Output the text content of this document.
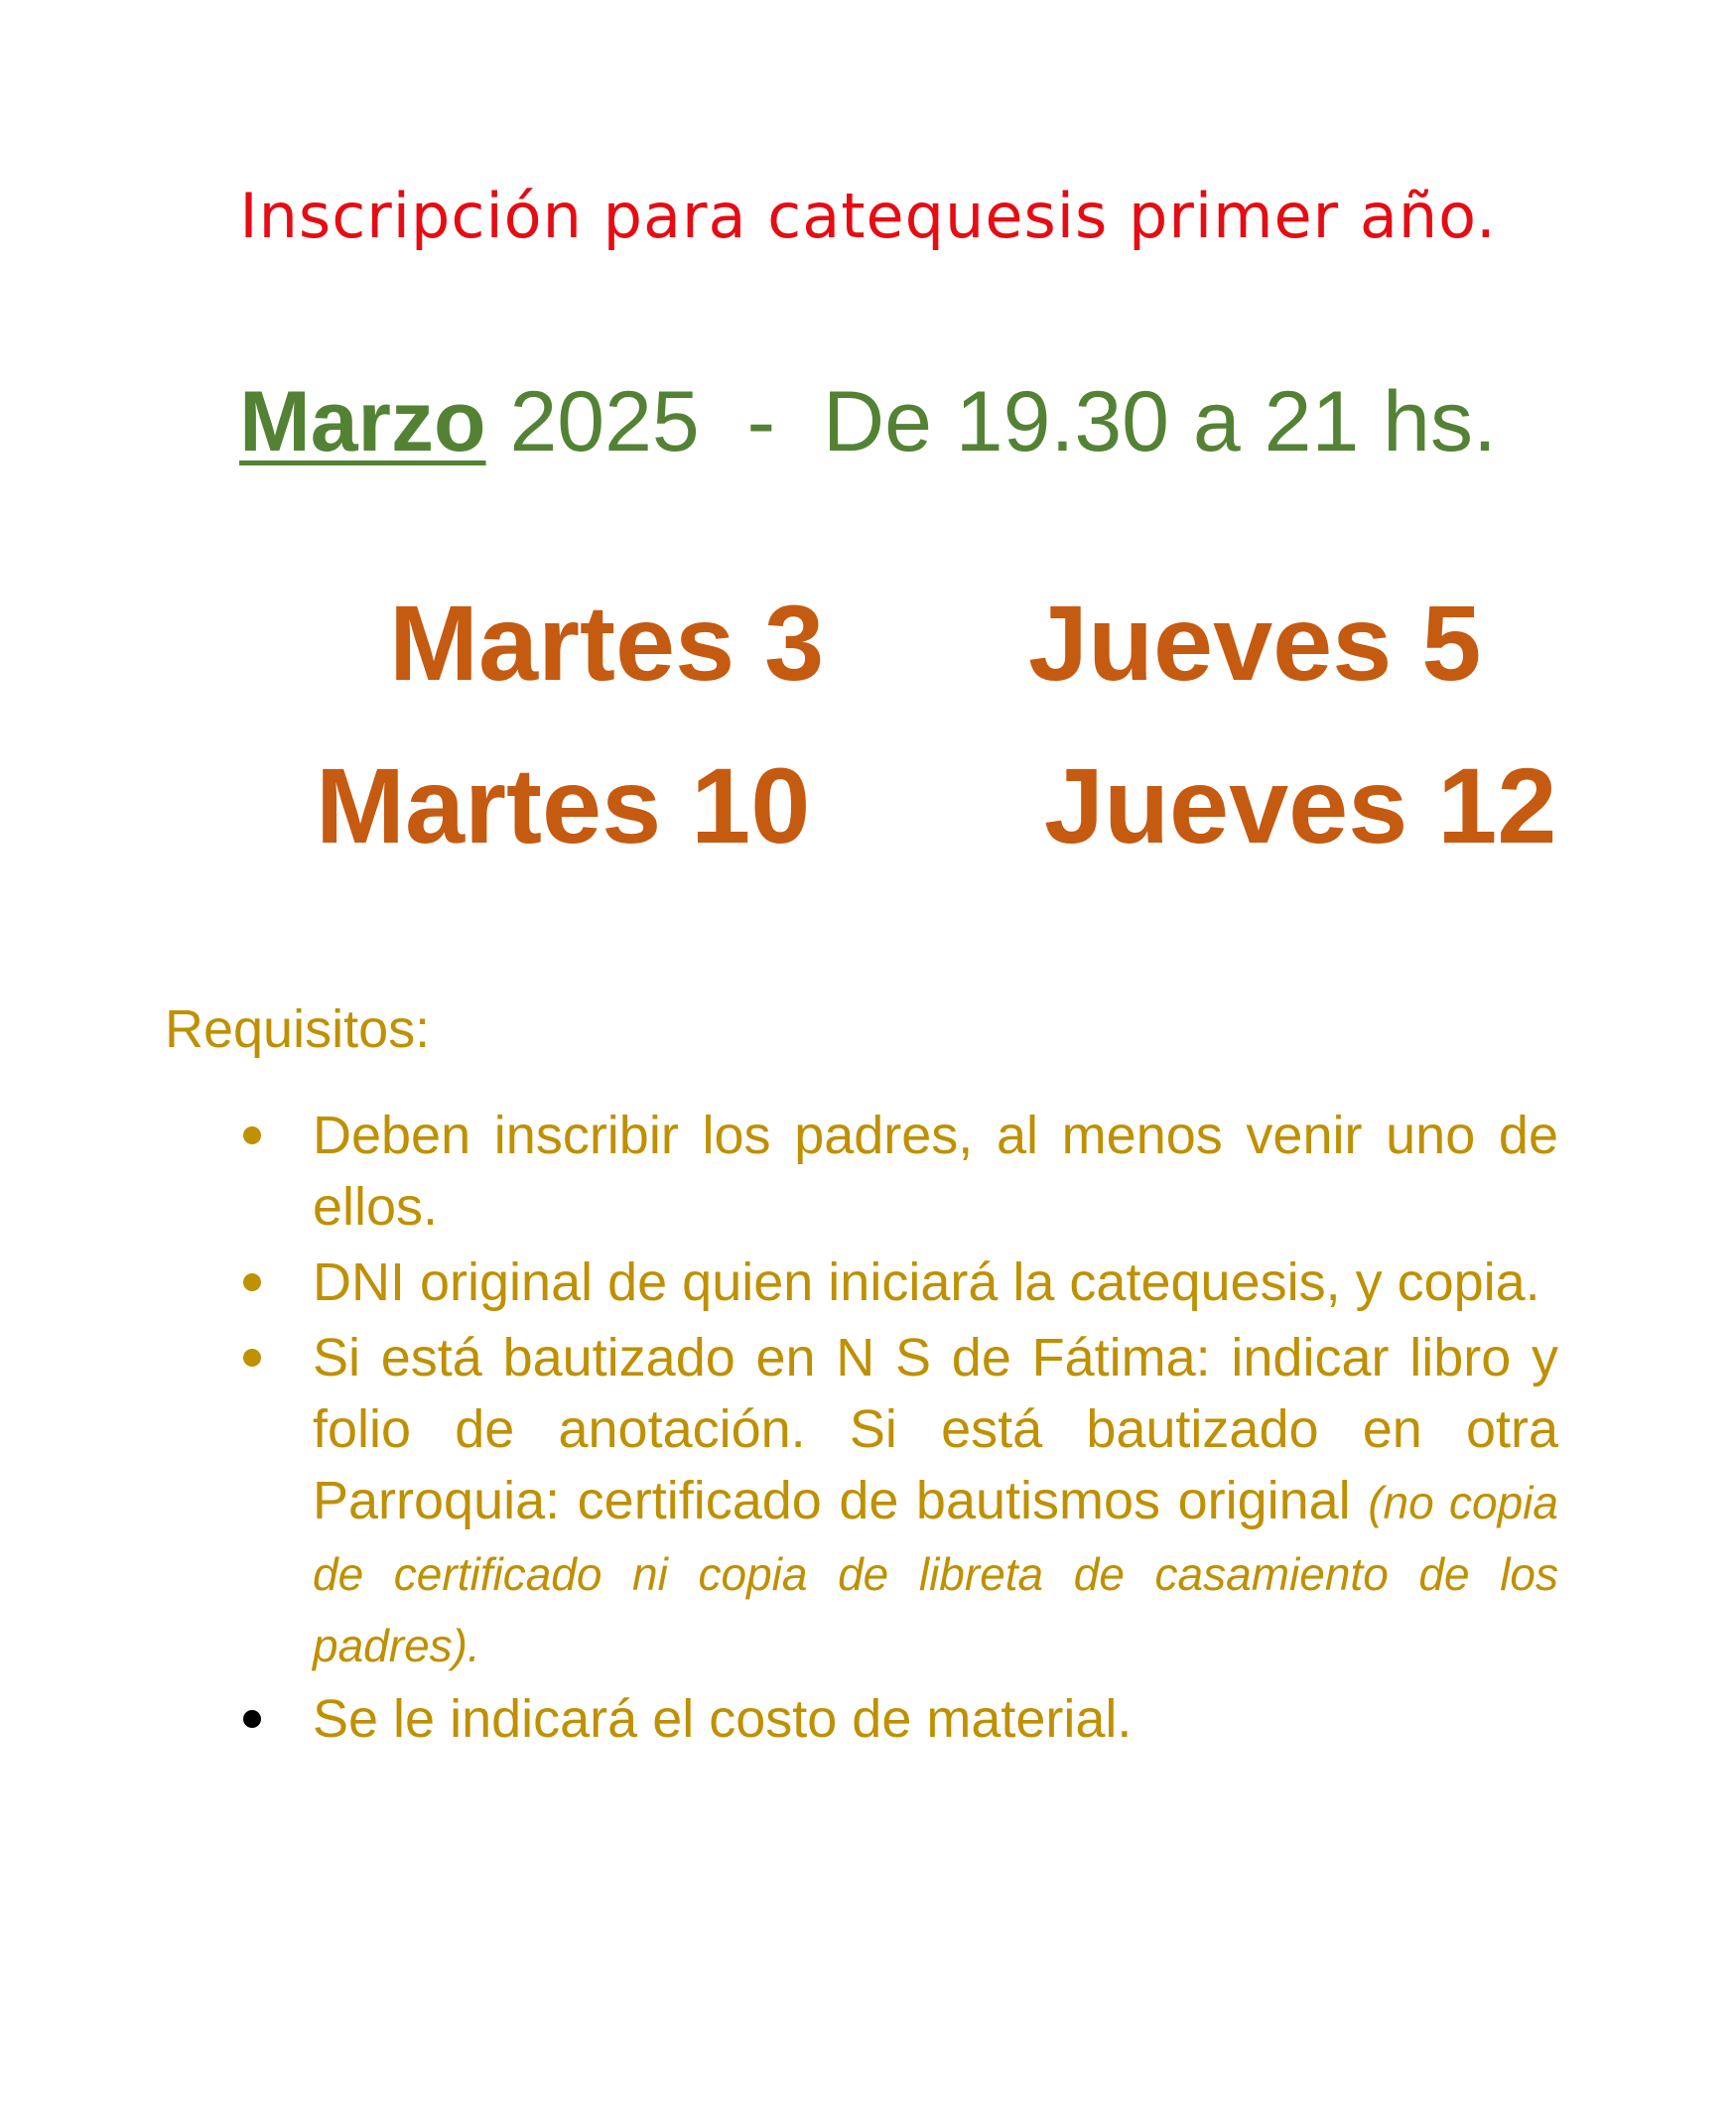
Inscripción para catequesis primer año.
Marzo 2025  -  De 19.30 a 21 hs.
Martes 3 Jueves 5
Martes 10 Jueves 12
Requisitos:
Deben inscribir los padres, al menos venir uno de ellos.
DNI original de quien iniciará la catequesis, y copia.
Si está bautizado en N S de Fátima: indicar libro y folio de anotación. Si está bautizado en otra Parroquia: certificado de bautismos original (no copia de certificado ni copia de libreta de casamiento de los padres).
Se le indicará el costo de material.
